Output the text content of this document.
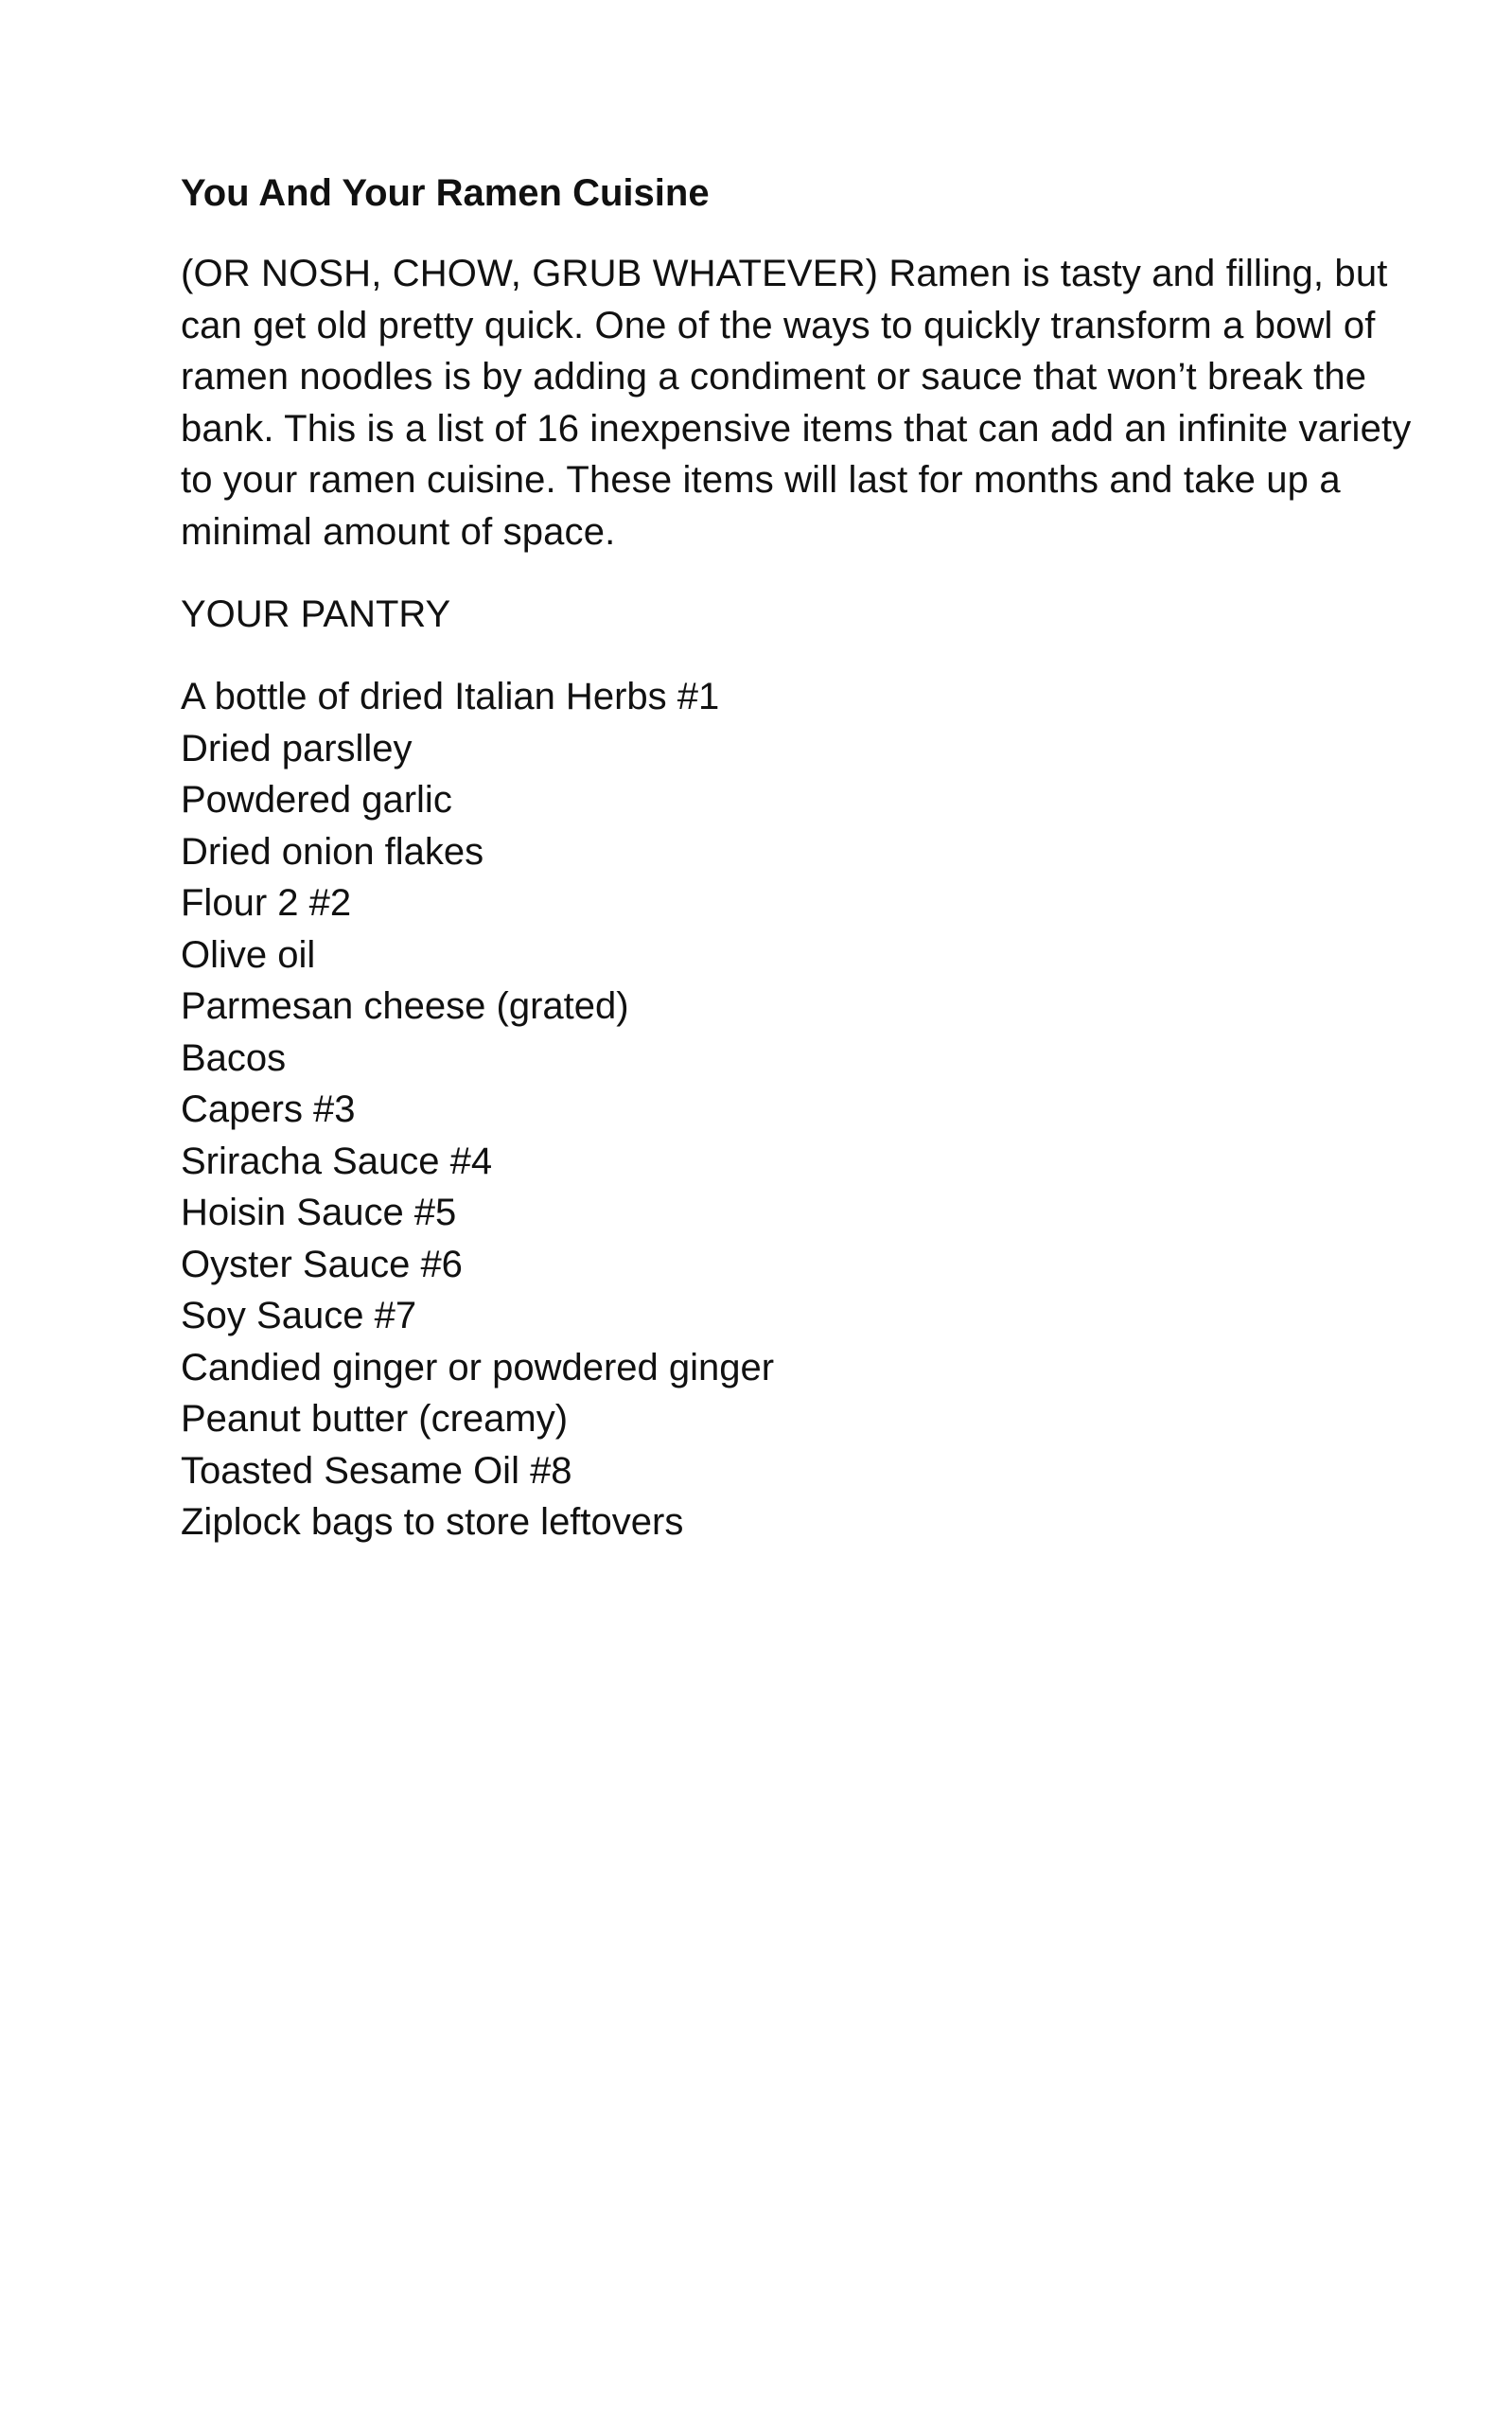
You And Your Ramen Cuisine

(OR NOSH, CHOW, GRUB WHATEVER) Ramen is tasty and filling, but can get old pretty quick. One of the ways to quickly transform a bowl of ramen noodles is by adding a condiment or sauce that won’t break the bank. This is a list of 16 inexpensive items that can add an infinite variety to your ramen cuisine. These items will last for months and take up a minimal amount of space.

YOUR PANTRY

A bottle of dried Italian Herbs #1
Dried parslley
Powdered garlic
Dried onion flakes
Flour 2 #2
Olive oil
Parmesan cheese (grated)
Bacos
Capers #3
Sriracha Sauce #4
Hoisin Sauce #5
Oyster Sauce #6
Soy Sauce #7
Candied ginger or powdered ginger
Peanut butter (creamy)
Toasted Sesame Oil #8
Ziplock bags to store leftovers
